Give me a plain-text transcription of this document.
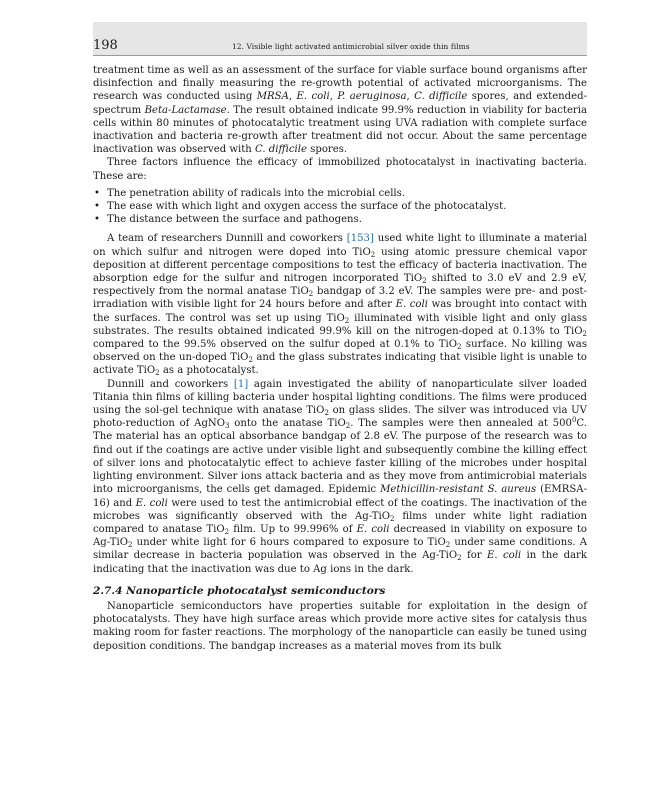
198	12. Visible light activated antimicrobial silver oxide thin films

treatment time as well as an assessment of the surface for viable surface bound organisms after disinfection and finally measuring the re-growth potential of activated microorganisms. The research was conducted using MRSA, E. coli, P. aeruginosa, C. difficile spores, and extended-spectrum Beta-Lactamase. The result obtained indicate 99.9% reduction in viability for bacteria cells within 80 minutes of photocatalytic treatment using UVA radiation with complete surface inactivation and bacteria re-growth after treatment did not occur. About the same percentage inactivation was observed with C. difficile spores.

Three factors influence the efficacy of immobilized photocatalyst in inactivating bacteria. These are:

• The penetration ability of radicals into the microbial cells.
• The ease with which light and oxygen access the surface of the photocatalyst.
• The distance between the surface and pathogens.

A team of researchers Dunnill and coworkers [153] used white light to illuminate a material on which sulfur and nitrogen were doped into TiO$_2$ using atomic pressure chemical vapor deposition at different percentage compositions to test the efficacy of bacteria inactivation. The absorption edge for the sulfur and nitrogen incorporated TiO$_2$ shifted to 3.0 eV and 2.9 eV, respectively from the normal anatase TiO$_2$ bandgap of 3.2 eV. The samples were pre- and post-irradiation with visible light for 24 hours before and after E. coli was brought into contact with the surfaces. The control was set up using TiO$_2$ illuminated with visible light and only glass substrates. The results obtained indicated 99.9% kill on the nitrogen-doped at 0.13% to TiO$_2$ compared to the 99.5% observed on the sulfur doped at 0.1% to TiO$_2$ surface. No killing was observed on the un-doped TiO$_2$ and the glass substrates indicating that visible light is unable to activate TiO$_2$ as a photocatalyst.

Dunnill and coworkers [1] again investigated the ability of nanoparticulate silver loaded Titania thin films of killing bacteria under hospital lighting conditions. The films were produced using the sol-gel technique with anatase TiO$_2$ on glass slides. The silver was introduced via UV photo-reduction of AgNO$_3$ onto the anatase TiO$_2$. The samples were then annealed at $500^0C$. The material has an optical absorbance bandgap of 2.8 eV. The purpose of the research was to find out if the coatings are active under visible light and subsequently combine the killing effect of silver ions and photocatalytic effect to achieve faster killing of the microbes under hospital lighting environment. Silver ions attack bacteria and as they move from antimicrobial materials into microorganisms, the cells get damaged. Epidemic Methicillin-resistant S. aureus (EMRSA-16) and E. coli were used to test the antimicrobial effect of the coatings. The inactivation of the microbes was significantly observed with the Ag-TiO$_2$ films under white light radiation compared to anatase TiO$_2$ film. Up to 99.996% of E. coli decreased in viability on exposure to Ag-TiO$_2$ under white light for 6 hours compared to exposure to TiO$_2$ under same conditions. A similar decrease in bacteria population was observed in the Ag-TiO$_2$ for E. coli in the dark indicating that the inactivation was due to Ag ions in the dark.

2.7.4 Nanoparticle photocatalyst semiconductors

Nanoparticle semiconductors have properties suitable for exploitation in the design of photocatalysts. They have high surface areas which provide more active sites for catalysis thus making room for faster reactions. The morphology of the nanoparticle can easily be tuned using deposition conditions. The bandgap increases as a material moves from its bulk
